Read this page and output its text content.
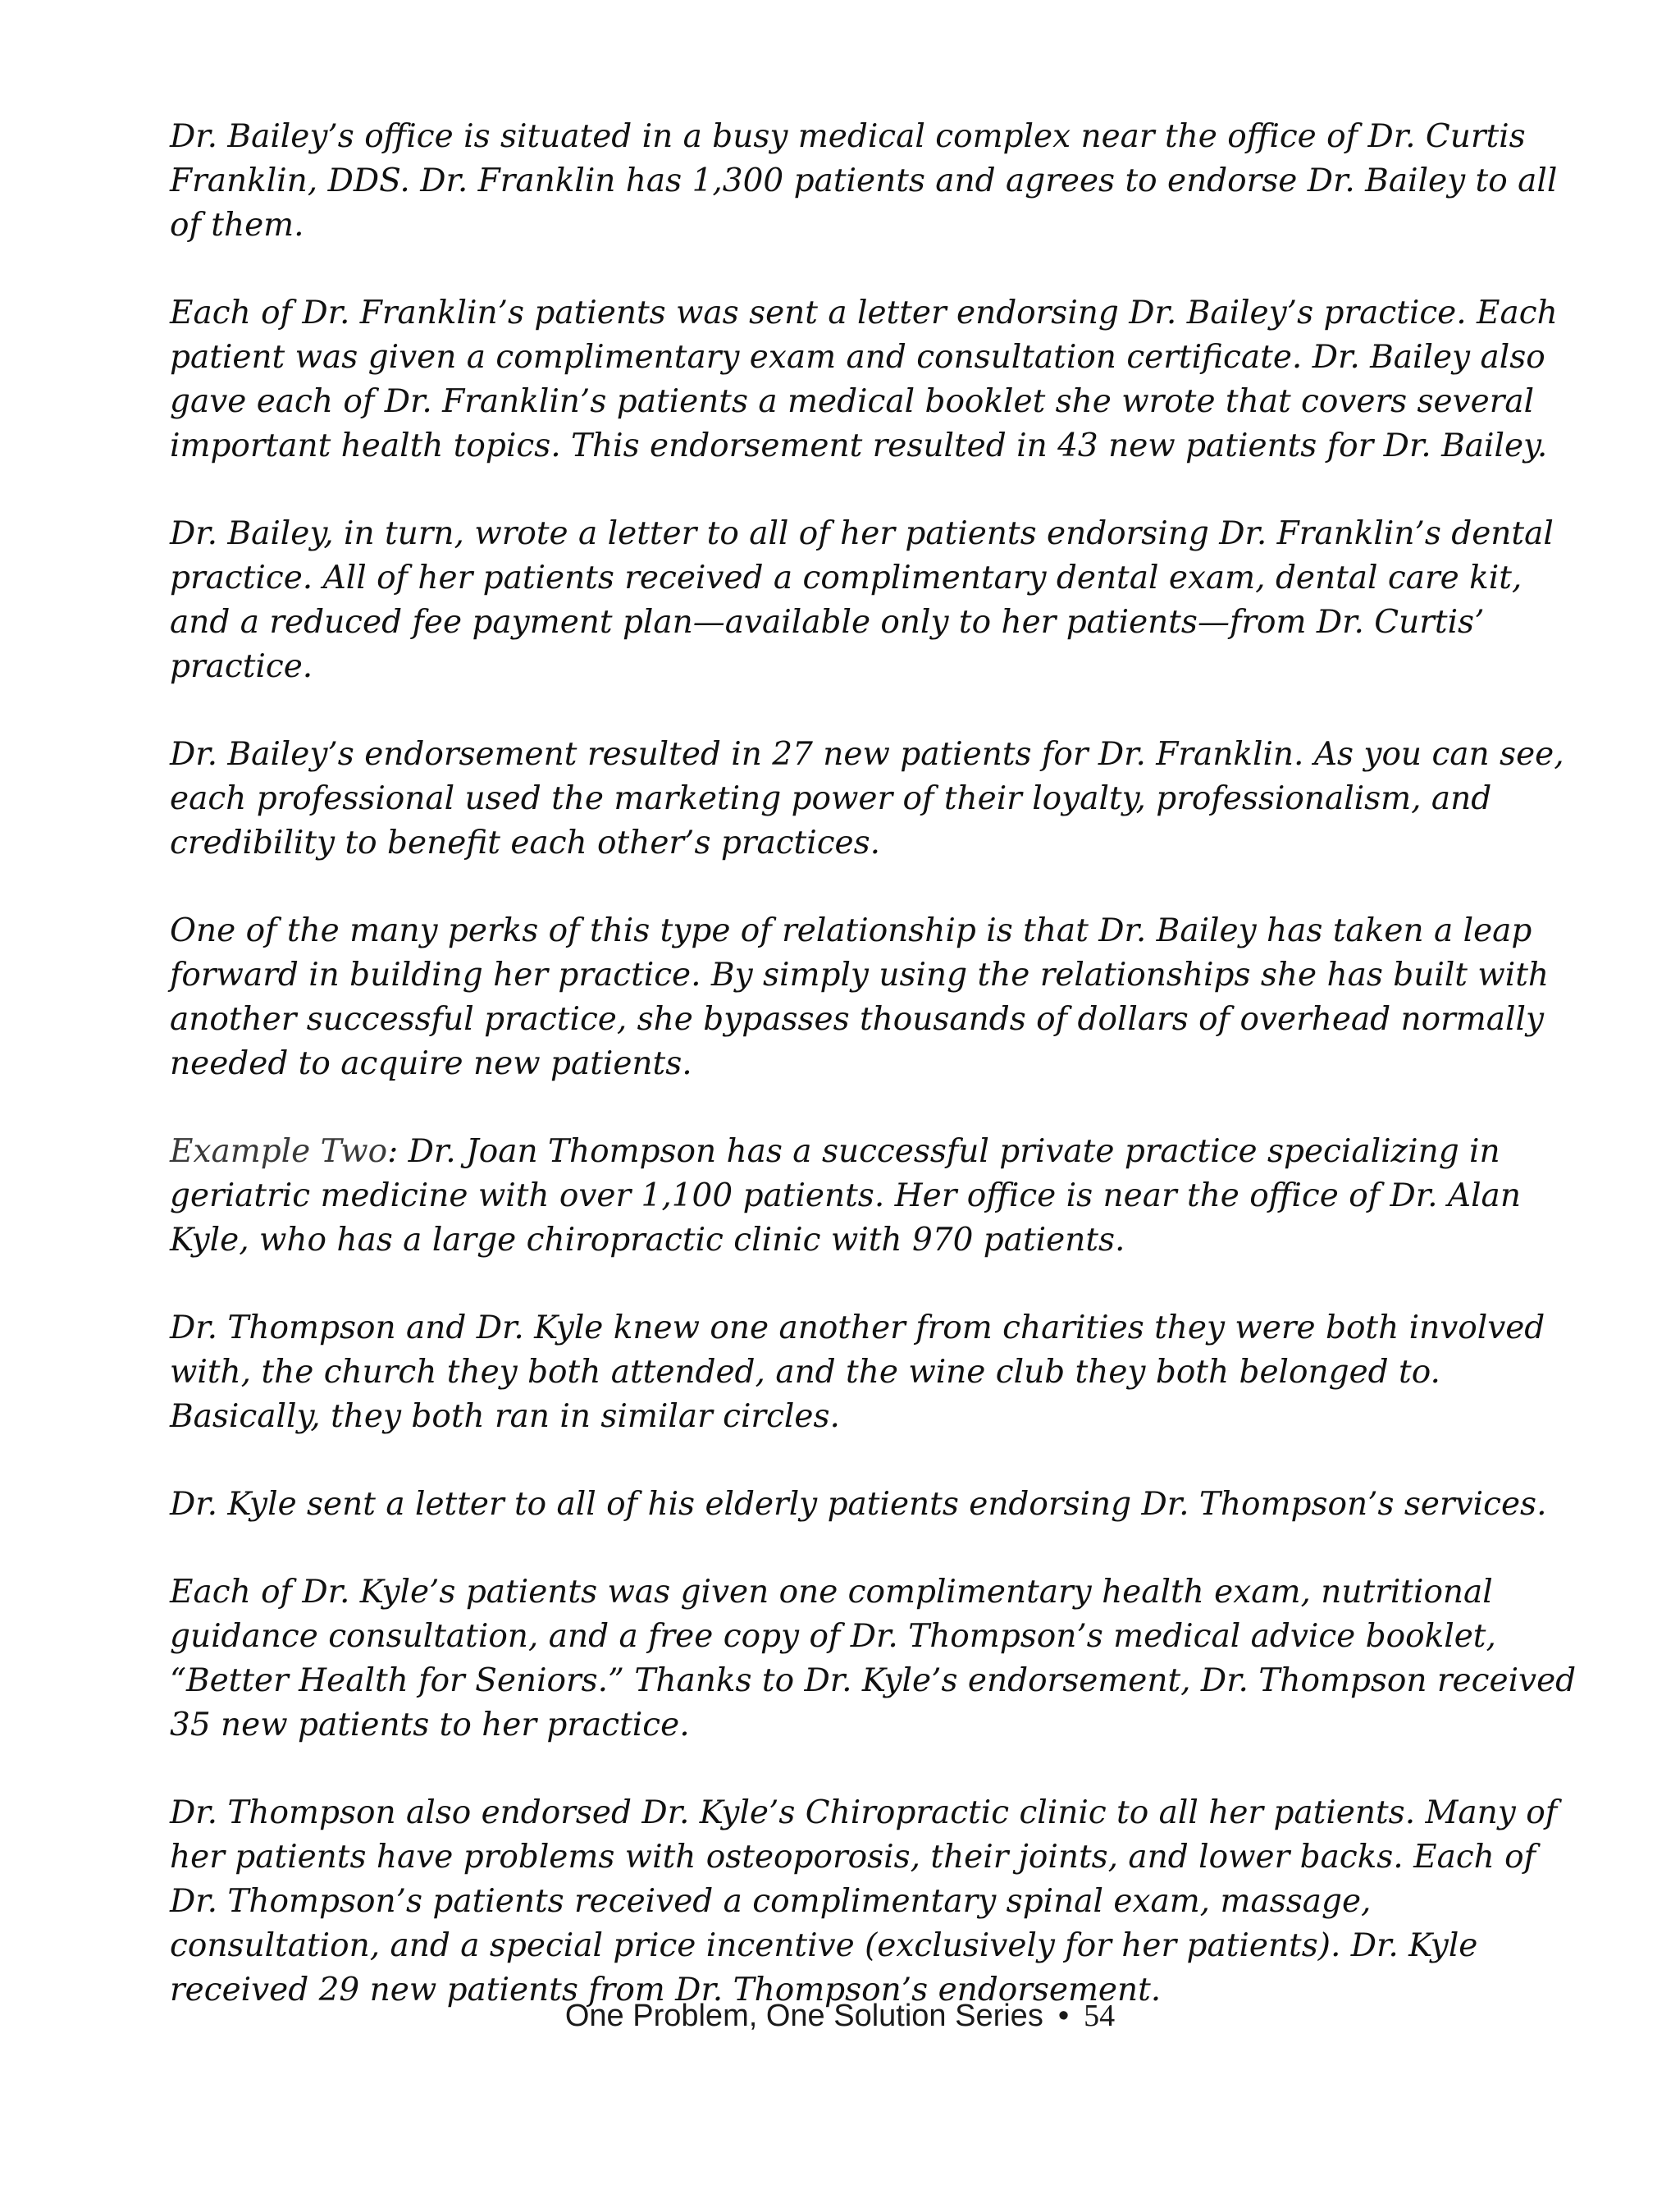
Dr. Bailey’s office is situated in a busy medical complex near the office of Dr. Curtis Franklin, DDS. Dr. Franklin has 1,300 patients and agrees to endorse Dr. Bailey to all of them.

Each of Dr. Franklin’s patients was sent a letter endorsing Dr. Bailey’s practice. Each patient was given a complimentary exam and consultation certificate. Dr. Bailey also gave each of Dr. Franklin’s patients a medical booklet she wrote that covers several important health topics. This endorsement resulted in 43 new patients for Dr. Bailey.

Dr. Bailey, in turn, wrote a letter to all of her patients endorsing Dr. Franklin’s dental practice. All of her patients received a complimentary dental exam, dental care kit, and a reduced fee payment plan—available only to her patients—from Dr. Curtis’ practice.

Dr. Bailey’s endorsement resulted in 27 new patients for Dr. Franklin. As you can see, each professional used the marketing power of their loyalty, professionalism, and credibility to benefit each other’s practices.

One of the many perks of this type of relationship is that Dr. Bailey has taken a leap forward in building her practice. By simply using the relationships she has built with another successful practice, she bypasses thousands of dollars of overhead normally needed to acquire new patients.

Example Two: Dr. Joan Thompson has a successful private practice specializing in geriatric medicine with over 1,100 patients. Her office is near the office of Dr. Alan Kyle, who has a large chiropractic clinic with 970 patients.

Dr. Thompson and Dr. Kyle knew one another from charities they were both involved with, the church they both attended, and the wine club they both belonged to. Basically, they both ran in similar circles.

Dr. Kyle sent a letter to all of his elderly patients endorsing Dr. Thompson’s services.

Each of Dr. Kyle’s patients was given one complimentary health exam, nutritional guidance consultation, and a free copy of Dr. Thompson’s medical advice booklet, “Better Health for Seniors.” Thanks to Dr. Kyle’s endorsement, Dr. Thompson received 35 new patients to her practice.

Dr. Thompson also endorsed Dr. Kyle’s Chiropractic clinic to all her patients. Many of her patients have problems with osteoporosis, their joints, and lower backs. Each of Dr. Thompson’s patients received a complimentary spinal exam, massage, consultation, and a special price incentive (exclusively for her patients). Dr. Kyle received 29 new patients from Dr. Thompson’s endorsement.

One Problem, One Solution Series • 54
